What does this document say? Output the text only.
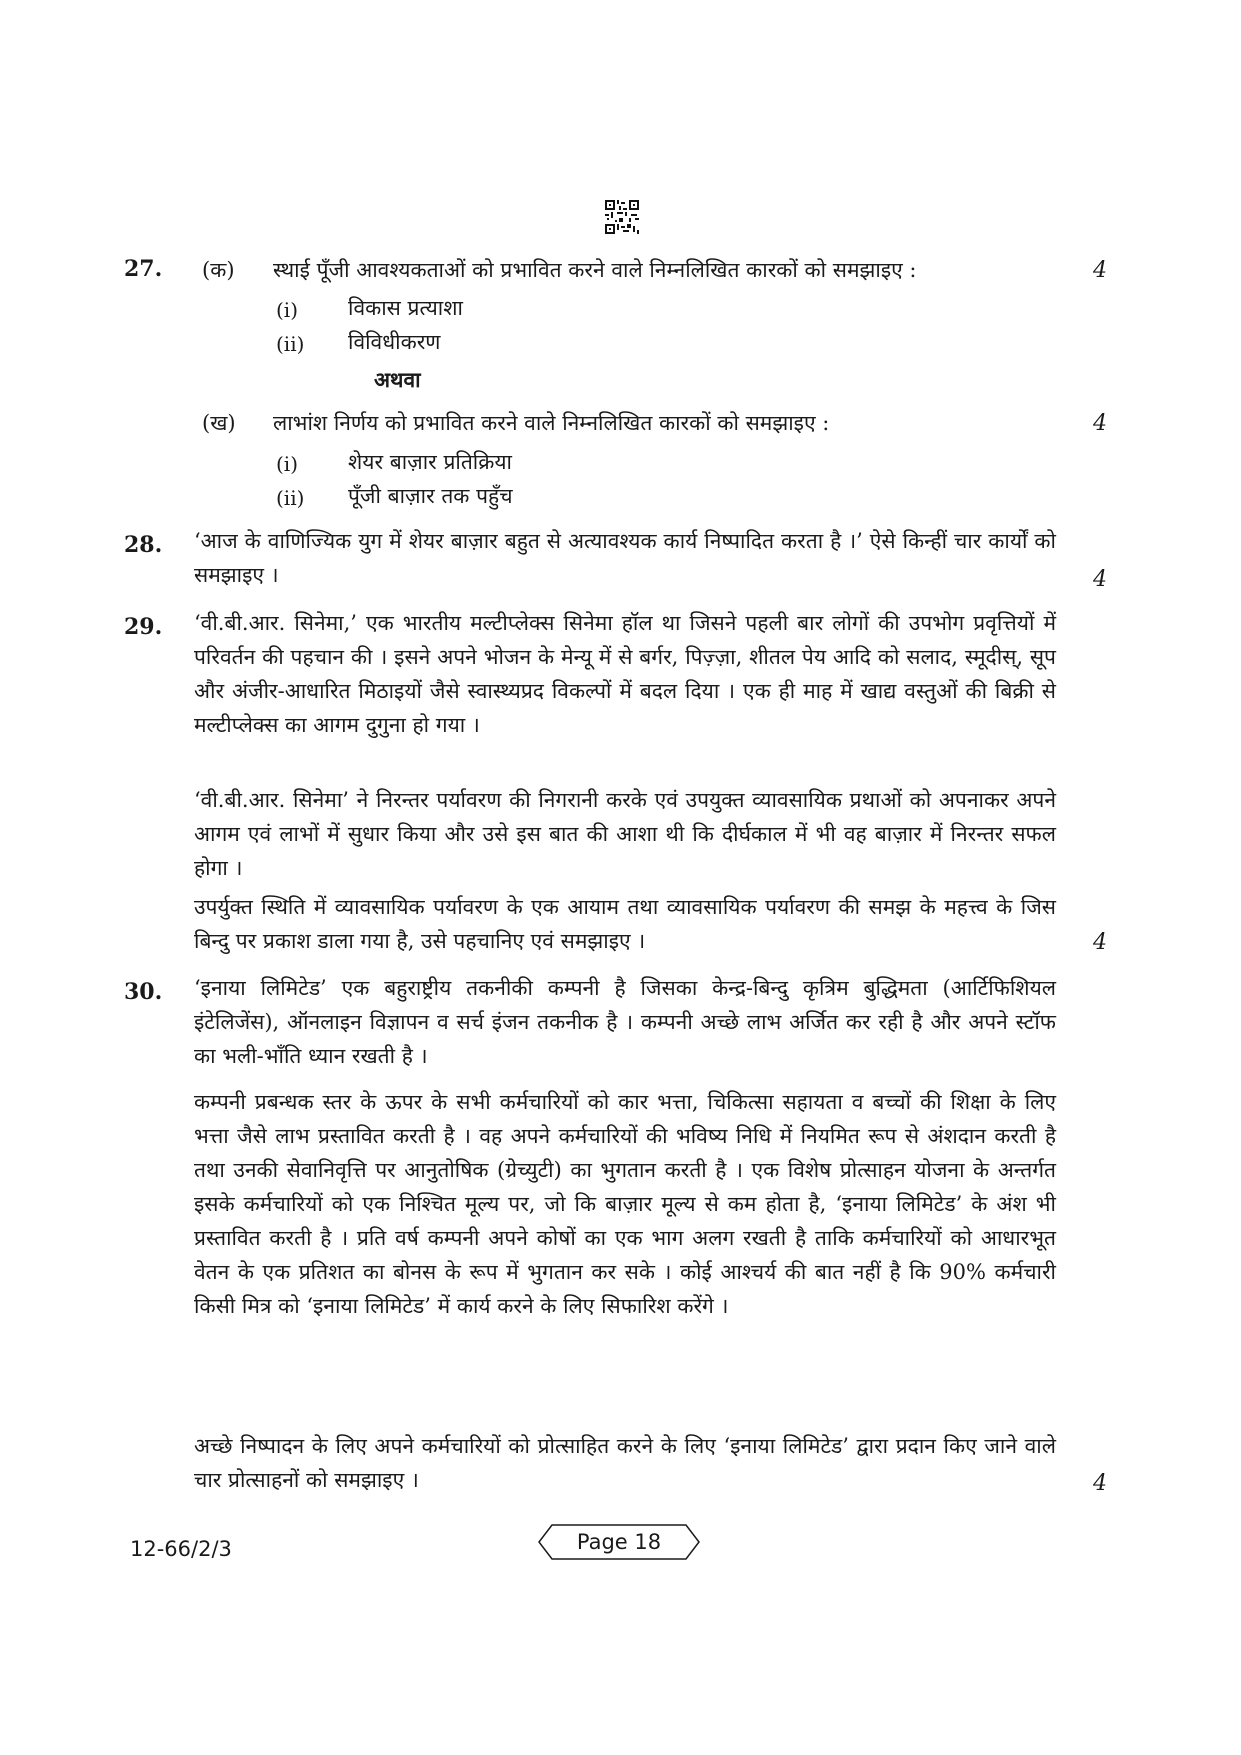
27. (क) स्थाई पूँजी आवश्यकताओं को प्रभावित करने वाले निम्नलिखित कारकों को समझाइए :	4
(i) विकास प्रत्याशा
(ii) विविधीकरण
अथवा
(ख) लाभांश निर्णय को प्रभावित करने वाले निम्नलिखित कारकों को समझाइए :	4
(i) शेयर बाज़ार प्रतिक्रिया
(ii) पूँजी बाज़ार तक पहुँच
28. ‘आज के वाणिज्यिक युग में शेयर बाज़ार बहुत से अत्यावश्यक कार्य निष्पादित करता है ।’ ऐसे किन्हीं चार कार्यों को समझाइए ।	4
29. ‘वी.बी.आर. सिनेमा,’ एक भारतीय मल्टीप्लेक्स सिनेमा हॉल था जिसने पहली बार लोगों की उपभोग प्रवृत्तियों में परिवर्तन की पहचान की । इसने अपने भोजन के मेन्यू में से बर्गर, पिज़्ज़ा, शीतल पेय आदि को सलाद, स्मूदीस्, सूप और अंजीर-आधारित मिठाइयों जैसे स्वास्थ्यप्रद विकल्पों में बदल दिया । एक ही माह में खाद्य वस्तुओं की बिक्री से मल्टीप्लेक्स का आगम दुगुना हो गया ।
‘वी.बी.आर. सिनेमा’ ने निरन्तर पर्यावरण की निगरानी करके एवं उपयुक्त व्यावसायिक प्रथाओं को अपनाकर अपने आगम एवं लाभों में सुधार किया और उसे इस बात की आशा थी कि दीर्घकाल में भी वह बाज़ार में निरन्तर सफल होगा ।
उपर्युक्त स्थिति में व्यावसायिक पर्यावरण के एक आयाम तथा व्यावसायिक पर्यावरण की समझ के महत्त्व के जिस बिन्दु पर प्रकाश डाला गया है, उसे पहचानिए एवं समझाइए ।	4
30. ‘इनाया लिमिटेड’ एक बहुराष्ट्रीय तकनीकी कम्पनी है जिसका केन्द्र-बिन्दु कृत्रिम बुद्धिमता (आर्टिफिशियल इंटेलिजेंस), ऑनलाइन विज्ञापन व सर्च इंजन तकनीक है । कम्पनी अच्छे लाभ अर्जित कर रही है और अपने स्टॉफ का भली-भाँति ध्यान रखती है ।
कम्पनी प्रबन्धक स्तर के ऊपर के सभी कर्मचारियों को कार भत्ता, चिकित्सा सहायता व बच्चों की शिक्षा के लिए भत्ता जैसे लाभ प्रस्तावित करती है । वह अपने कर्मचारियों की भविष्य निधि में नियमित रूप से अंशदान करती है तथा उनकी सेवानिवृत्ति पर आनुतोषिक (ग्रेच्युटी) का भुगतान करती है । एक विशेष प्रोत्साहन योजना के अन्तर्गत इसके कर्मचारियों को एक निश्चित मूल्य पर, जो कि बाज़ार मूल्य से कम होता है, ‘इनाया लिमिटेड’ के अंश भी प्रस्तावित करती है । प्रति वर्ष कम्पनी अपने कोषों का एक भाग अलग रखती है ताकि कर्मचारियों को आधारभूत वेतन के एक प्रतिशत का बोनस के रूप में भुगतान कर सके । कोई आश्चर्य की बात नहीं है कि 90% कर्मचारी किसी मित्र को ‘इनाया लिमिटेड’ में कार्य करने के लिए सिफारिश करेंगे ।
अच्छे निष्पादन के लिए अपने कर्मचारियों को प्रोत्साहित करने के लिए ‘इनाया लिमिटेड’ द्वारा प्रदान किए जाने वाले चार प्रोत्साहनों को समझाइए ।	4
12-66/2/3	Page 18
